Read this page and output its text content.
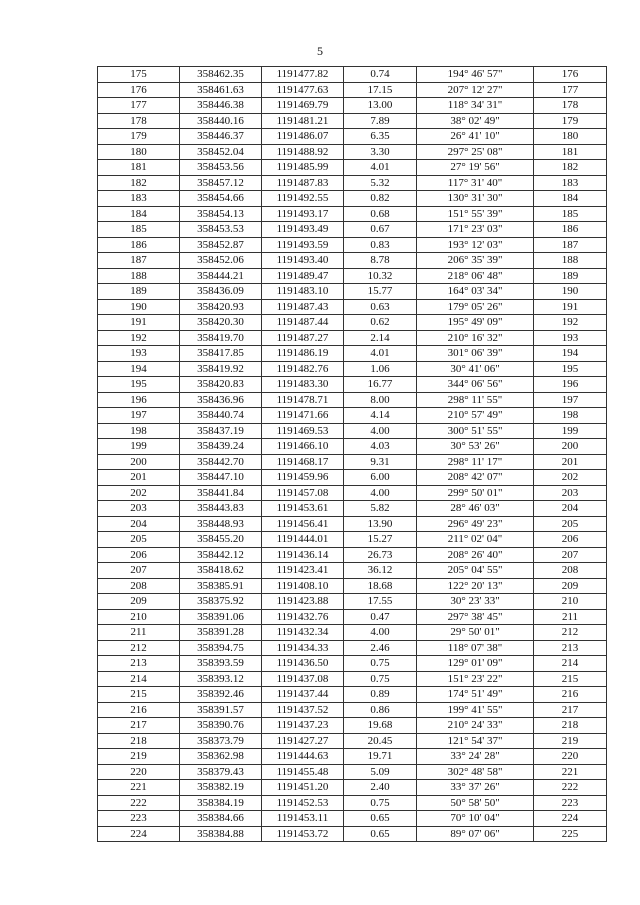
5
175	358462.35	1191477.82	0.74	194° 46' 57"	176
176	358461.63	1191477.63	17.15	207° 12' 27"	177
177	358446.38	1191469.79	13.00	118° 34' 31"	178
178	358440.16	1191481.21	7.89	38° 02' 49"	179
179	358446.37	1191486.07	6.35	26° 41' 10"	180
180	358452.04	1191488.92	3.30	297° 25' 08"	181
181	358453.56	1191485.99	4.01	27° 19' 56"	182
182	358457.12	1191487.83	5.32	117° 31' 40"	183
183	358454.66	1191492.55	0.82	130° 31' 30"	184
184	358454.13	1191493.17	0.68	151° 55' 39"	185
185	358453.53	1191493.49	0.67	171° 23' 03"	186
186	358452.87	1191493.59	0.83	193° 12' 03"	187
187	358452.06	1191493.40	8.78	206° 35' 39"	188
188	358444.21	1191489.47	10.32	218° 06' 48"	189
189	358436.09	1191483.10	15.77	164° 03' 34"	190
190	358420.93	1191487.43	0.63	179° 05' 26"	191
191	358420.30	1191487.44	0.62	195° 49' 09"	192
192	358419.70	1191487.27	2.14	210° 16' 32"	193
193	358417.85	1191486.19	4.01	301° 06' 39"	194
194	358419.92	1191482.76	1.06	30° 41' 06"	195
195	358420.83	1191483.30	16.77	344° 06' 56"	196
196	358436.96	1191478.71	8.00	298° 11' 55"	197
197	358440.74	1191471.66	4.14	210° 57' 49"	198
198	358437.19	1191469.53	4.00	300° 51' 55"	199
199	358439.24	1191466.10	4.03	30° 53' 26"	200
200	358442.70	1191468.17	9.31	298° 11' 17"	201
201	358447.10	1191459.96	6.00	208° 42' 07"	202
202	358441.84	1191457.08	4.00	299° 50' 01"	203
203	358443.83	1191453.61	5.82	28° 46' 03"	204
204	358448.93	1191456.41	13.90	296° 49' 23"	205
205	358455.20	1191444.01	15.27	211° 02' 04"	206
206	358442.12	1191436.14	26.73	208° 26' 40"	207
207	358418.62	1191423.41	36.12	205° 04' 55"	208
208	358385.91	1191408.10	18.68	122° 20' 13"	209
209	358375.92	1191423.88	17.55	30° 23' 33"	210
210	358391.06	1191432.76	0.47	297° 38' 45"	211
211	358391.28	1191432.34	4.00	29° 50' 01"	212
212	358394.75	1191434.33	2.46	118° 07' 38"	213
213	358393.59	1191436.50	0.75	129° 01' 09"	214
214	358393.12	1191437.08	0.75	151° 23' 22"	215
215	358392.46	1191437.44	0.89	174° 51' 49"	216
216	358391.57	1191437.52	0.86	199° 41' 55"	217
217	358390.76	1191437.23	19.68	210° 24' 33"	218
218	358373.79	1191427.27	20.45	121° 54' 37"	219
219	358362.98	1191444.63	19.71	33° 24' 28"	220
220	358379.43	1191455.48	5.09	302° 48' 58"	221
221	358382.19	1191451.20	2.40	33° 37' 26"	222
222	358384.19	1191452.53	0.75	50° 58' 50"	223
223	358384.66	1191453.11	0.65	70° 10' 04"	224
224	358384.88	1191453.72	0.65	89° 07' 06"	225
